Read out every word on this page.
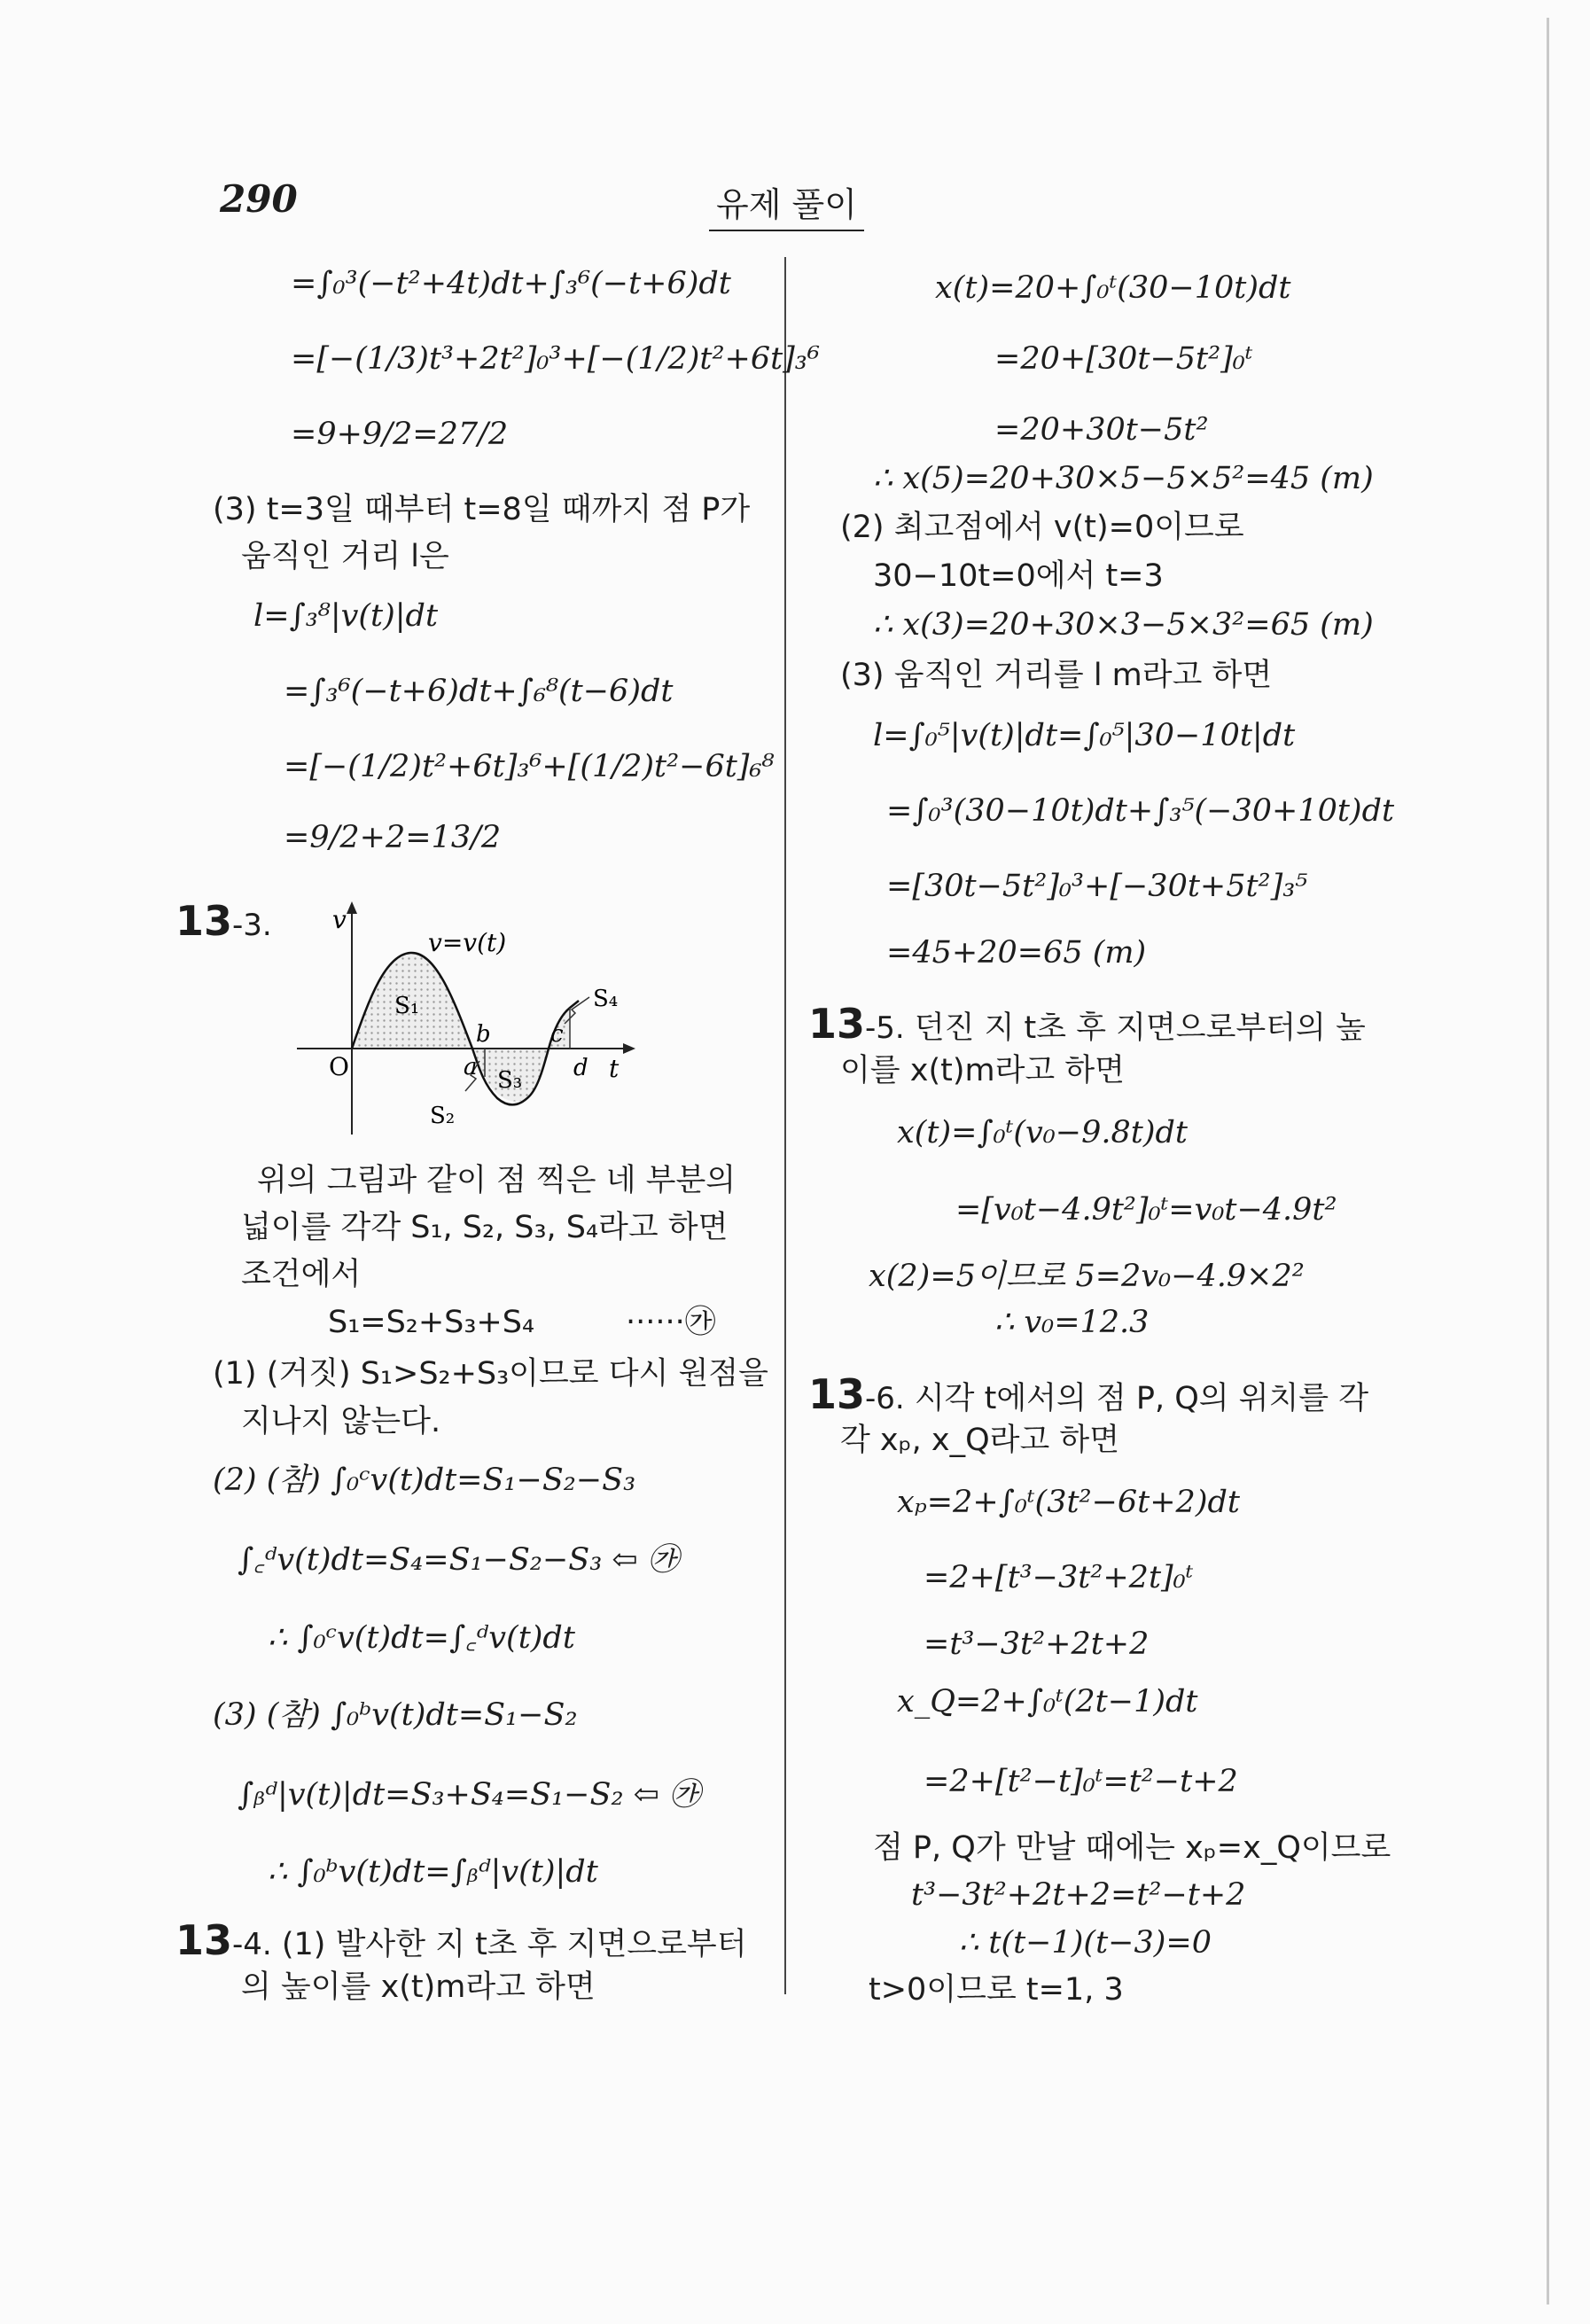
290	유제 풀이
=∫₀³(−t²+4t)dt+∫₃⁶(−t+6)dt
=[−(1/3)t³+2t²]₀³+[−(1/2)t²+6t]₃⁶
=9+9/2=27/2
(3) t=3일 때부터 t=8일 때까지 점 P가
움직인 거리 l은
l=∫₃⁸|v(t)|dt
=∫₃⁶(−t+6)dt+∫₆⁸(t−6)dt
=[−(1/2)t²+6t]₃⁶+[(1/2)t²−6t]₆⁸
=9/2+2=13/2
13-3. v
v=v(t)
O	t
a
b	c
d
S₁
S₂
S₃
S₄
위의 그림과 같이 점 찍은 네 부분의
넓이를 각각 S₁, S₂, S₃, S₄라고 하면
조건에서
S₁=S₂+S₃+S₄	······㉮
(1) (거짓) S₁>S₂+S₃이므로 다시 원점을
지나지 않는다.
(2) (참) ∫₀ᶜv(t)dt=S₁−S₂−S₃
∫꜀ᵈv(t)dt=S₄=S₁−S₂−S₃ ⇦ ㉮
∴ ∫₀ᶜv(t)dt=∫꜀ᵈv(t)dt
(3) (참) ∫₀ᵇv(t)dt=S₁−S₂
∫ᵦᵈ|v(t)|dt=S₃+S₄=S₁−S₂ ⇦ ㉮
∴ ∫₀ᵇv(t)dt=∫ᵦᵈ|v(t)|dt
13-4. (1) 발사한 지 t초 후 지면으로부터
의 높이를 x(t)m라고 하면
x(t)=20+∫₀ᵗ(30−10t)dt
=20+[30t−5t²]₀ᵗ
=20+30t−5t²
∴ x(5)=20+30×5−5×5²=45 (m)
(2) 최고점에서 v(t)=0이므로
30−10t=0에서 t=3
∴ x(3)=20+30×3−5×3²=65 (m)
(3) 움직인 거리를 l m라고 하면
l=∫₀⁵|v(t)|dt=∫₀⁵|30−10t|dt
=∫₀³(30−10t)dt+∫₃⁵(−30+10t)dt
=[30t−5t²]₀³+[−30t+5t²]₃⁵
=45+20=65 (m)
13-5. 던진 지 t초 후 지면으로부터의 높
이를 x(t)m라고 하면
x(t)=∫₀ᵗ(v₀−9.8t)dt
=[v₀t−4.9t²]₀ᵗ=v₀t−4.9t²
x(2)=5이므로 5=2v₀−4.9×2²
∴ v₀=12.3
13-6. 시각 t에서의 점 P, Q의 위치를 각
각 xₚ, x_Q라고 하면
xₚ=2+∫₀ᵗ(3t²−6t+2)dt
=2+[t³−3t²+2t]₀ᵗ
=t³−3t²+2t+2
x_Q=2+∫₀ᵗ(2t−1)dt
=2+[t²−t]₀ᵗ=t²−t+2
점 P, Q가 만날 때에는 xₚ=x_Q이므로
t³−3t²+2t+2=t²−t+2
∴ t(t−1)(t−3)=0
t>0이므로 t=1, 3
